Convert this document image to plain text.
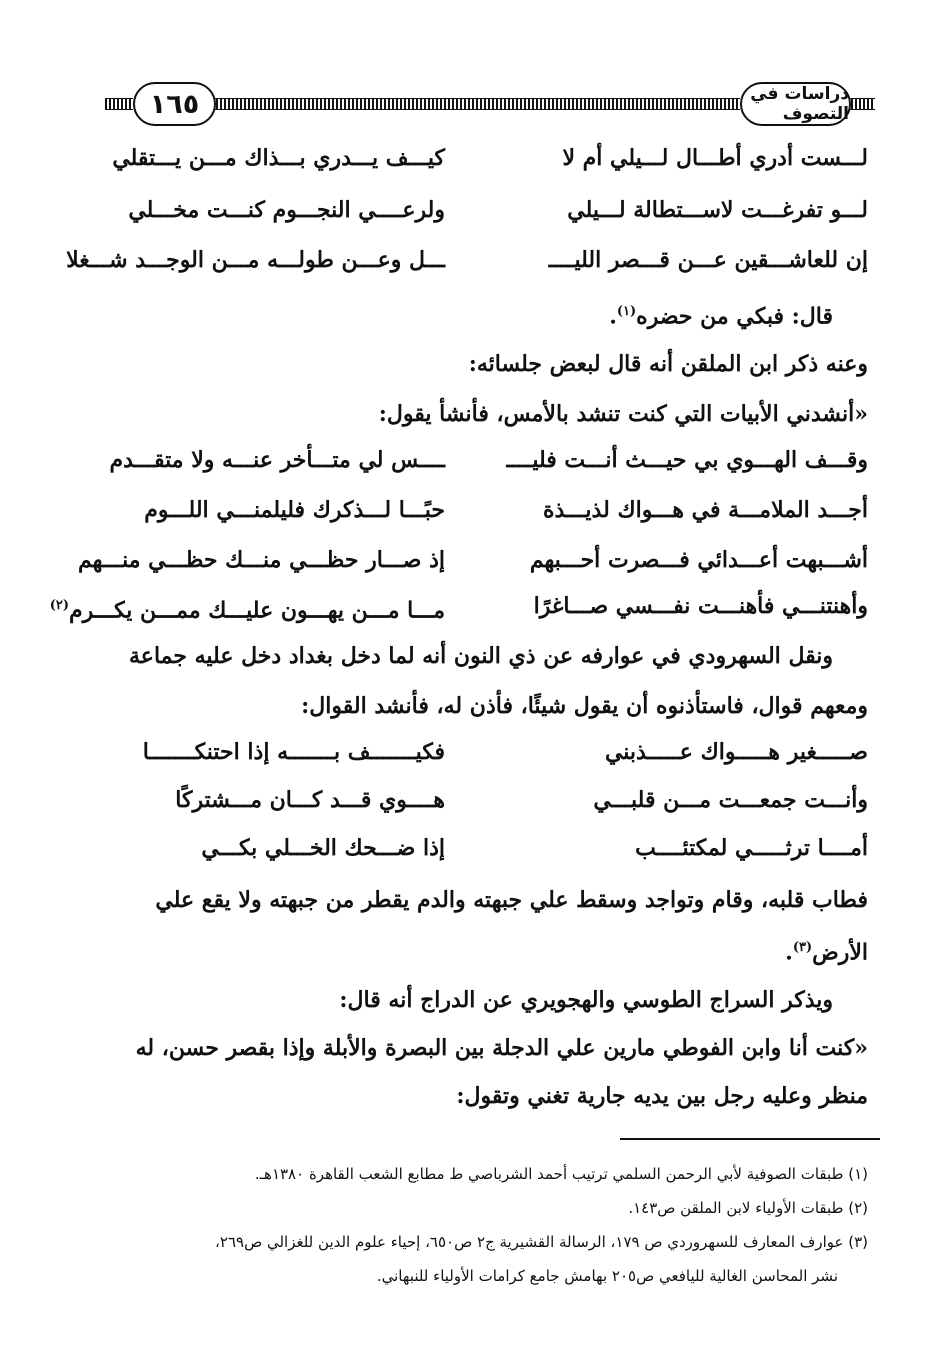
١٦٥	دراسات في التصوف
لـــست أدري أطـــال لـــيلي أم لا
كيـــف يـــدري بـــذاك مـــن يـــتقلي
لـــو تفرغـــت لاســـتطالة لـــيلي
ولرعــــي النجـــوم كنـــت مخـــلي
إن للعاشـــقين عـــن قـــصر الليــــ
ـــل وعـــن طولـــه مـــن الوجـــد شـــغلا
قال: فبكي من حضره$^{(١)}$.
وعنه ذكر ابن الملقن أنه قال لبعض جلسائه:
«أنشدني الأبيات التي كنت تنشد بالأمس، فأنشأ يقول:
وقـــف الهـــوي بي حيـــث أنـــت فليــــ
ــــس لي متـــأخر عنـــه ولا متقـــدم
أجـــد الملامـــة في هـــواك لذيـــذة
حبًـــا لـــذكرك فليلمنـــي اللـــوم
أشـــبهت أعـــدائي فـــصرت أحـــبهم
إذ صـــار حظـــي منـــك حظـــي منـــهم
وأهنتنـــي فأهنـــت نفـــسي صـــاغرًا
مـــا مـــن يهـــون عليـــك ممـــن يكـــرم$^{(٢)}$
ونقل السهرودي في عوارفه عن ذي النون أنه لما دخل بغداد دخل عليه جماعة
ومعهم قوال، فاستأذنوه أن يقول شيئًا، فأذن له، فأنشد القوال:
صـــــغير هـــــواك عـــــذبني
فكيـــــــف بـــــــه إذا احتنكـــــــا
وأنـــت جمعـــت مـــن قلبـــي
هــــوي قـــد كـــان مـــشتركًا
أمــــا ترثـــــي لمكتئــــب
إذا ضـــحك الخـــلي بكـــي
فطاب قلبه، وقام وتواجد وسقط علي جبهته والدم يقطر من جبهته ولا يقع علي
الأرض$^{(٣)}$.
ويذكر السراج الطوسي والهجويري عن الدراج أنه قال:
«كنت أنا وابن الفوطي مارين علي الدجلة بين البصرة والأبلة وإذا بقصر حسن، له
منظر وعليه رجل بين يديه جارية تغني وتقول:
(١) طبقات الصوفية لأبي الرحمن السلمي ترتيب أحمد الشرباصي ط مطابع الشعب القاهرة ١٣٨٠هـ.
(٢) طبقات الأولياء لابن الملقن ص١٤٣.
(٣) عوارف المعارف للسهروردي ص ١٧٩، الرسالة القشيرية ج٢ ص٦٥٠، إحياء علوم الدين للغزالي ص٢٦٩،
نشر المحاسن الغالية لليافعي ص٢٠٥ بهامش جامع كرامات الأولياء للنبهاني.
